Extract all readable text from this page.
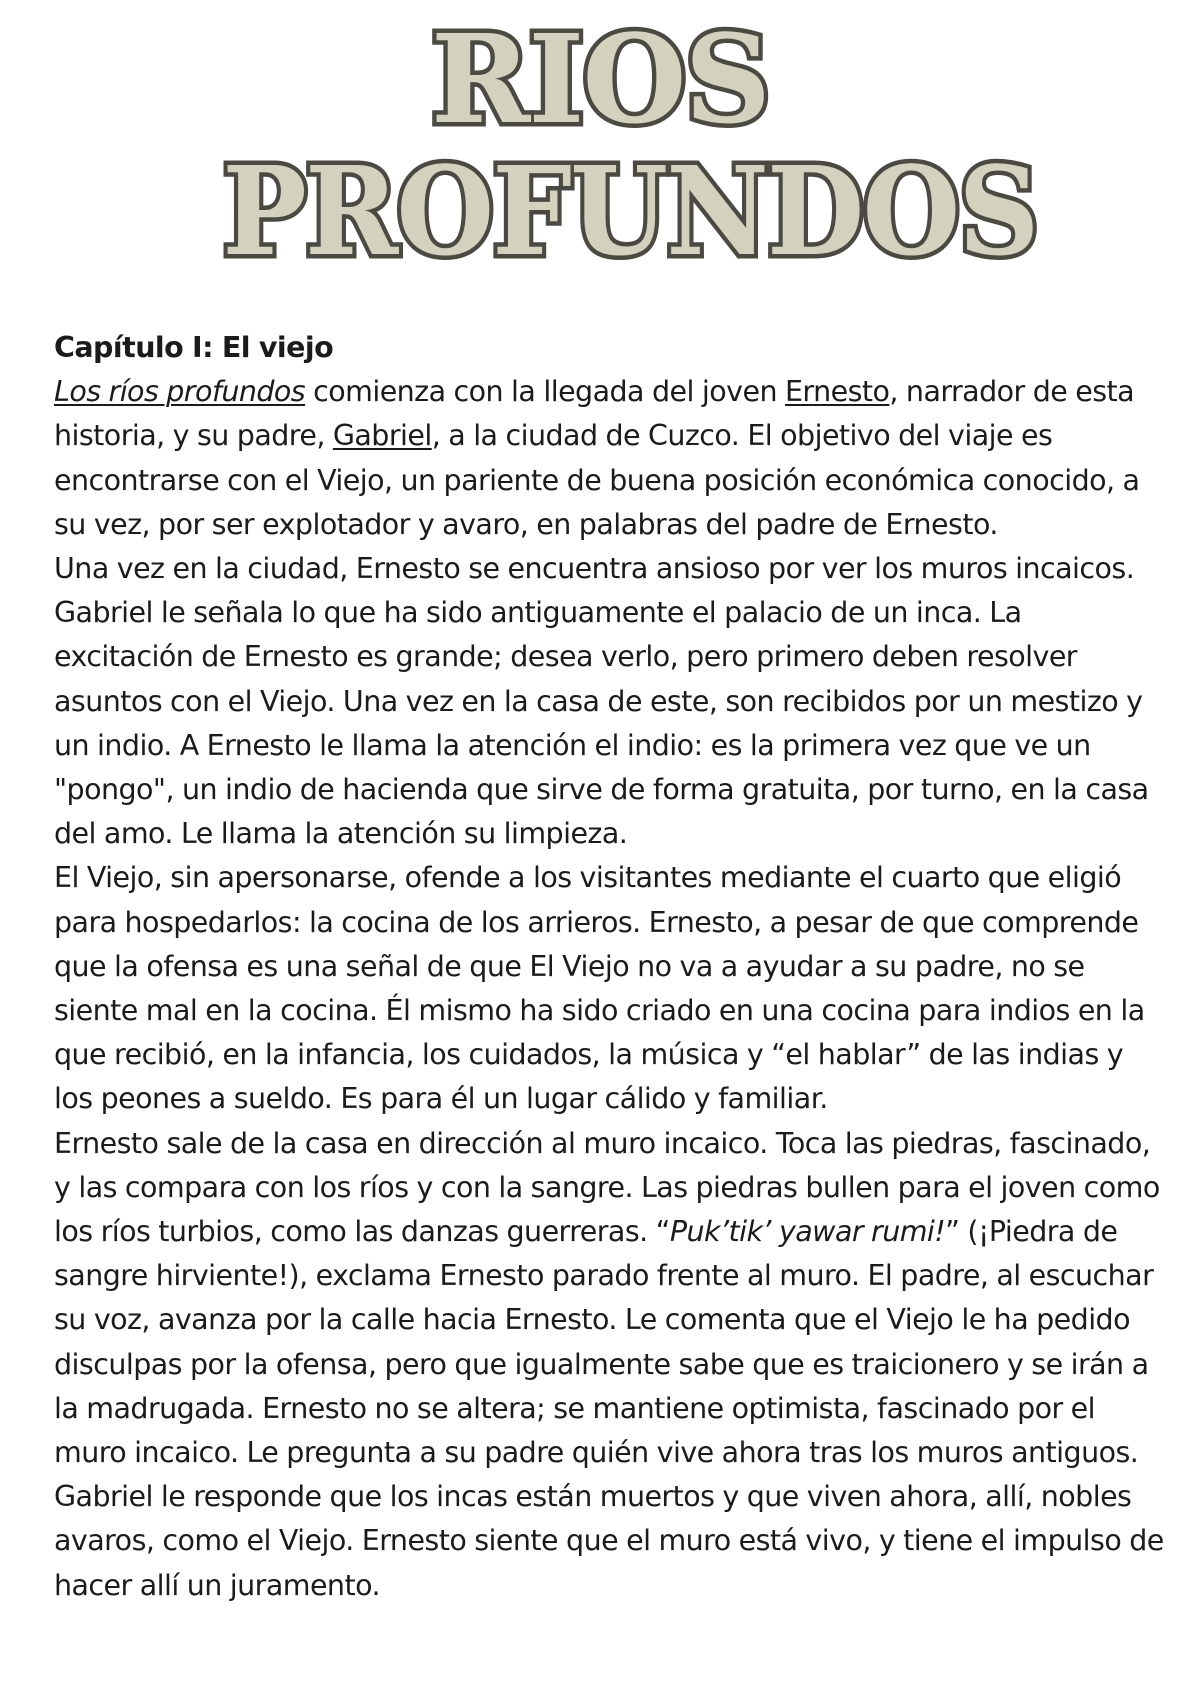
RIOS
PROFUNDOS

Capítulo I: El viejo

Los ríos profundos comienza con la llegada del joven Ernesto, narrador de esta historia, y su padre, Gabriel, a la ciudad de Cuzco. El objetivo del viaje es encontrarse con el Viejo, un pariente de buena posición económica conocido, a su vez, por ser explotador y avaro, en palabras del padre de Ernesto.

Una vez en la ciudad, Ernesto se encuentra ansioso por ver los muros incaicos. Gabriel le señala lo que ha sido antiguamente el palacio de un inca. La excitación de Ernesto es grande; desea verlo, pero primero deben resolver asuntos con el Viejo. Una vez en la casa de este, son recibidos por un mestizo y un indio. A Ernesto le llama la atención el indio: es la primera vez que ve un "pongo", un indio de hacienda que sirve de forma gratuita, por turno, en la casa del amo. Le llama la atención su limpieza.

El Viejo, sin apersonarse, ofende a los visitantes mediante el cuarto que eligió para hospedarlos: la cocina de los arrieros. Ernesto, a pesar de que comprende que la ofensa es una señal de que El Viejo no va a ayudar a su padre, no se siente mal en la cocina. Él mismo ha sido criado en una cocina para indios en la que recibió, en la infancia, los cuidados, la música y “el hablar” de las indias y los peones a sueldo. Es para él un lugar cálido y familiar.

Ernesto sale de la casa en dirección al muro incaico. Toca las piedras, fascinado, y las compara con los ríos y con la sangre. Las piedras bullen para el joven como los ríos turbios, como las danzas guerreras. “Puk’tik’ yawar rumi!” (¡Piedra de sangre hirviente!), exclama Ernesto parado frente al muro. El padre, al escuchar su voz, avanza por la calle hacia Ernesto. Le comenta que el Viejo le ha pedido disculpas por la ofensa, pero que igualmente sabe que es traicionero y se irán a la madrugada. Ernesto no se altera; se mantiene optimista, fascinado por el muro incaico. Le pregunta a su padre quién vive ahora tras los muros antiguos. Gabriel le responde que los incas están muertos y que viven ahora, allí, nobles avaros, como el Viejo. Ernesto siente que el muro está vivo, y tiene el impulso de hacer allí un juramento.
